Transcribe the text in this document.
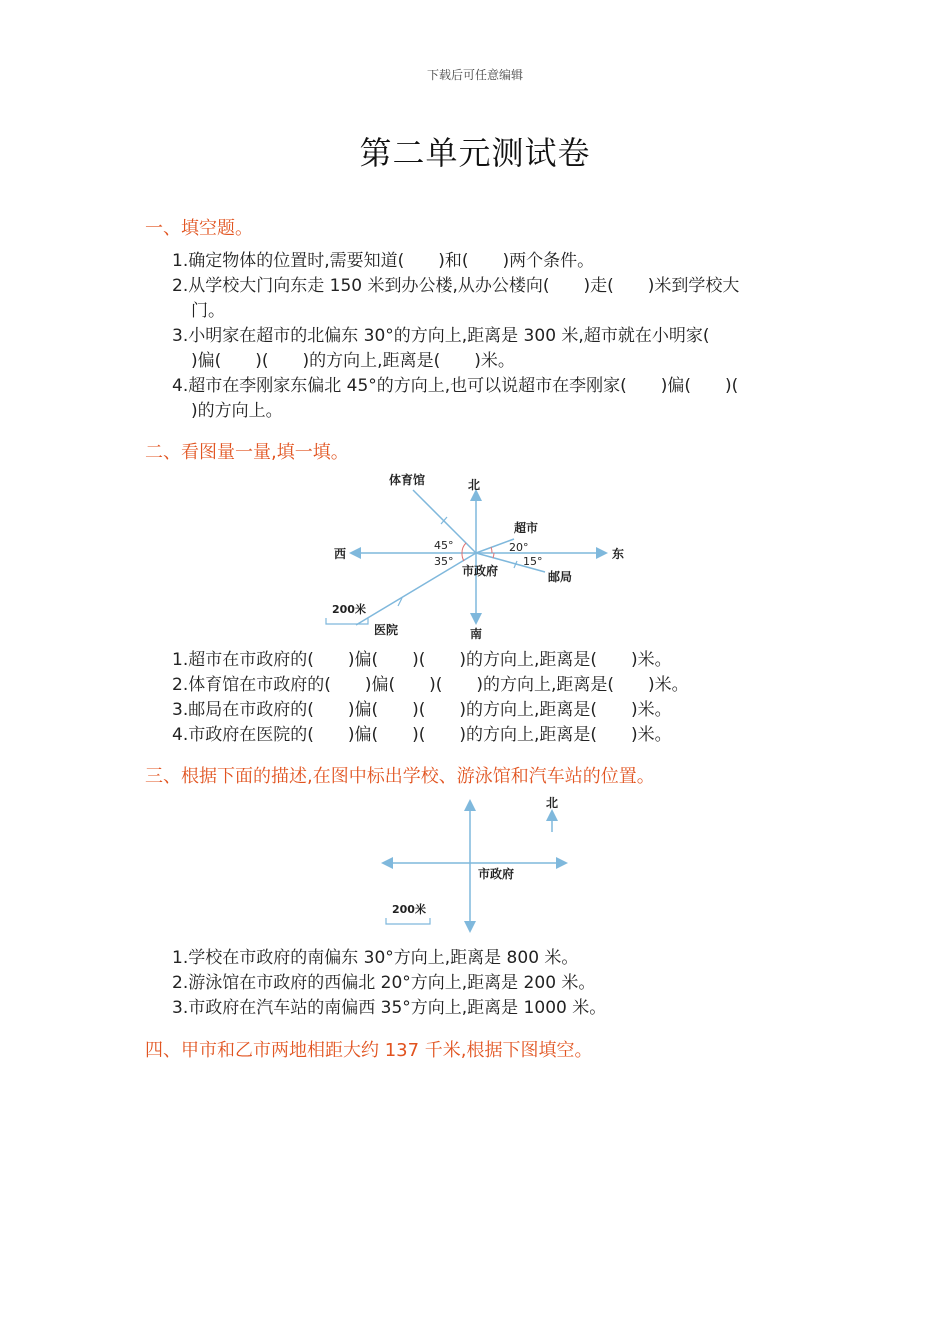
下载后可任意编辑
第二单元测试卷
一、填空题。
1.确定物体的位置时,需要知道(　　)和(　　)两个条件。
2.从学校大门向东走 150 米到办公楼,从办公楼向(　　)走(　　)米到学校大
门。
3.小明家在超市的北偏东 30°的方向上,距离是 300 米,超市就在小明家(
)偏(　　)(　　)的方向上,距离是(　　)米。
4.超市在李刚家东偏北 45°的方向上,也可以说超市在李刚家(　　)偏(　　)(
)的方向上。
二、看图量一量,填一填。
北
南
东
西
体育馆
超市
邮局
医院
市政府
45°
35°
20°
15°
200米
1.超市在市政府的(　　)偏(　　)(　　)的方向上,距离是(　　)米。
2.体育馆在市政府的(　　)偏(　　)(　　)的方向上,距离是(　　)米。
3.邮局在市政府的(　　)偏(　　)(　　)的方向上,距离是(　　)米。
4.市政府在医院的(　　)偏(　　)(　　)的方向上,距离是(　　)米。
三、根据下面的描述,在图中标出学校、游泳馆和汽车站的位置。
北
市政府
200米
1.学校在市政府的南偏东 30°方向上,距离是 800 米。
2.游泳馆在市政府的西偏北 20°方向上,距离是 200 米。
3.市政府在汽车站的南偏西 35°方向上,距离是 1000 米。
四、甲市和乙市两地相距大约 137 千米,根据下图填空。
